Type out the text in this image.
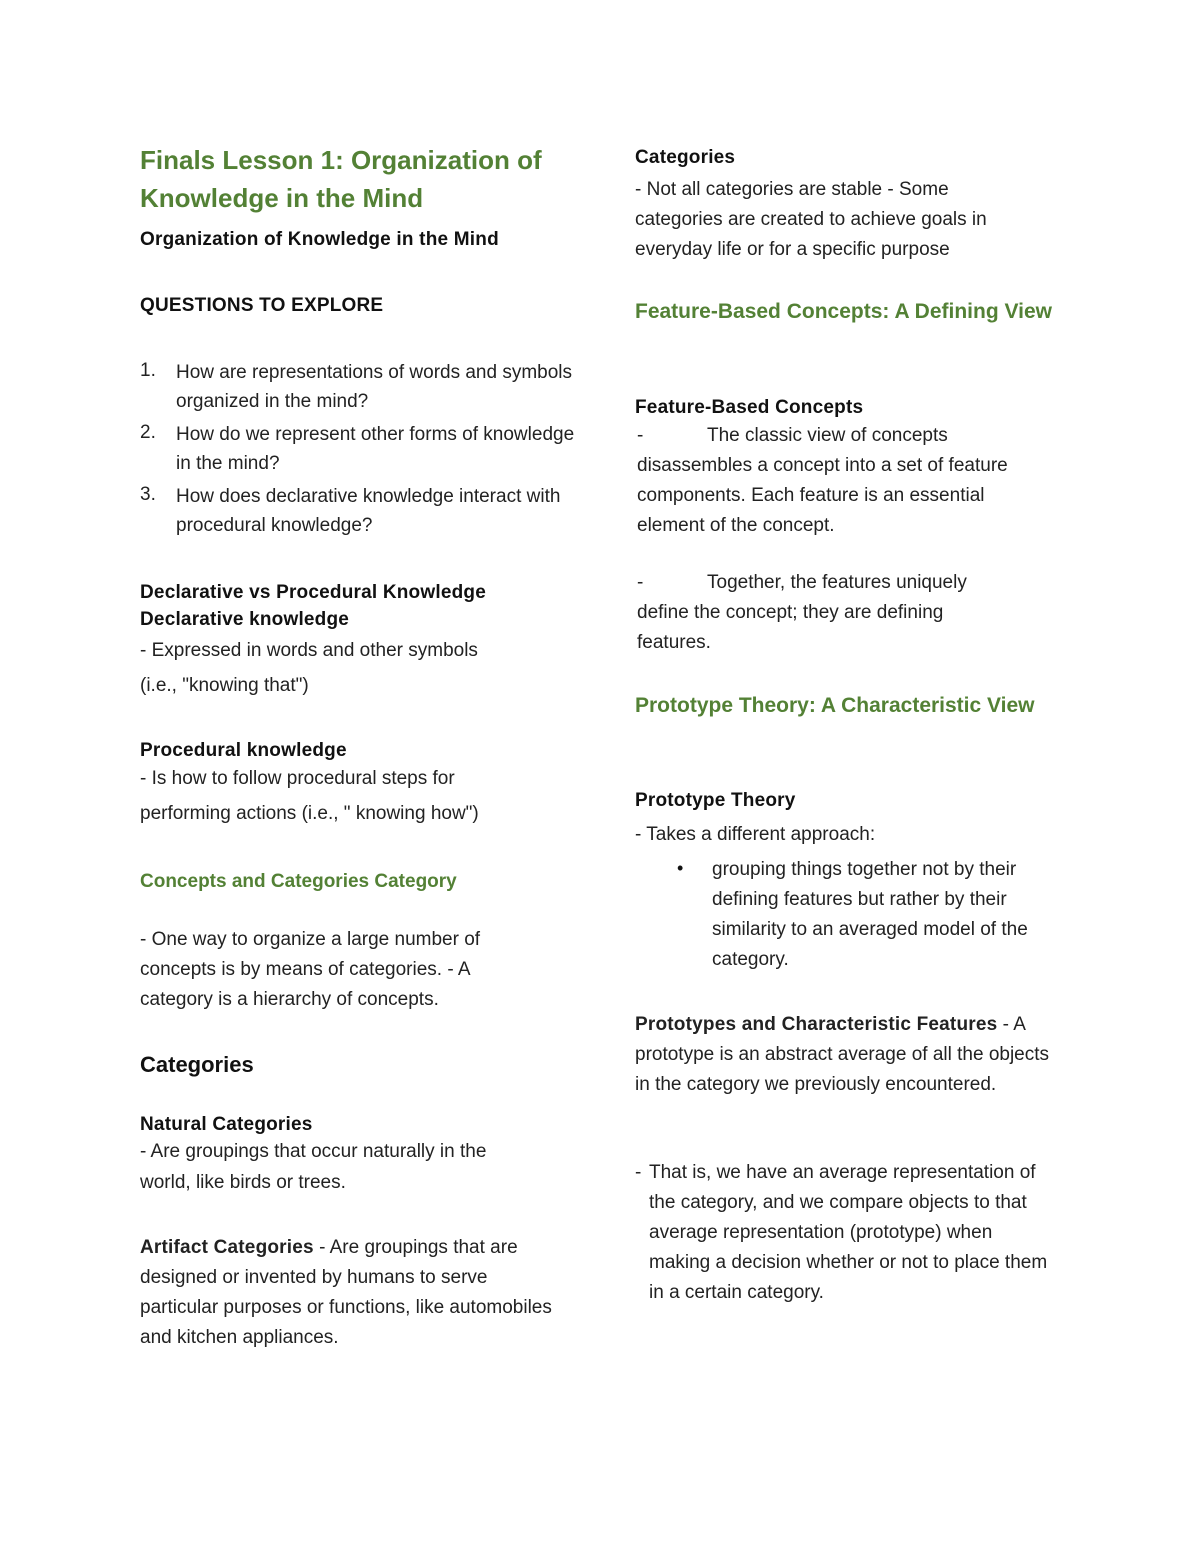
Finals Lesson 1: Organization of Knowledge in the Mind
Organization of Knowledge in the Mind
QUESTIONS TO EXPLORE
1. How are representations of words and symbols organized in the mind?
2. How do we represent other forms of knowledge in the mind?
3. How does declarative knowledge interact with procedural knowledge?
Declarative vs Procedural Knowledge
Declarative knowledge
- Expressed in words and other symbols
(i.e., "knowing that")
Procedural knowledge
- Is how to follow procedural steps for
performing actions (i.e., " knowing how")
Concepts and Categories Category
- One way to organize a large number of concepts is by means of categories. - A category is a hierarchy of concepts.
Categories
Natural Categories
- Are groupings that occur naturally in the
world, like birds or trees.
Artifact Categories - Are groupings that are designed or invented by humans to serve particular purposes or functions, like automobiles and kitchen appliances.
Categories
- Not all categories are stable - Some categories are created to achieve goals in everyday life or for a specific purpose
Feature-Based Concepts: A Defining View
Feature-Based Concepts
-	The classic view of concepts disassembles a concept into a set of feature components. Each feature is an essential element of the concept.
-	Together, the features uniquely define the concept; they are defining features.
Prototype Theory: A Characteristic View
Prototype Theory
- Takes a different approach:
• grouping things together not by their defining features but rather by their similarity to an averaged model of the category.
Prototypes and Characteristic Features - A prototype is an abstract average of all the objects in the category we previously encountered.
- That is, we have an average representation of the category, and we compare objects to that average representation (prototype) when making a decision whether or not to place them in a certain category.
